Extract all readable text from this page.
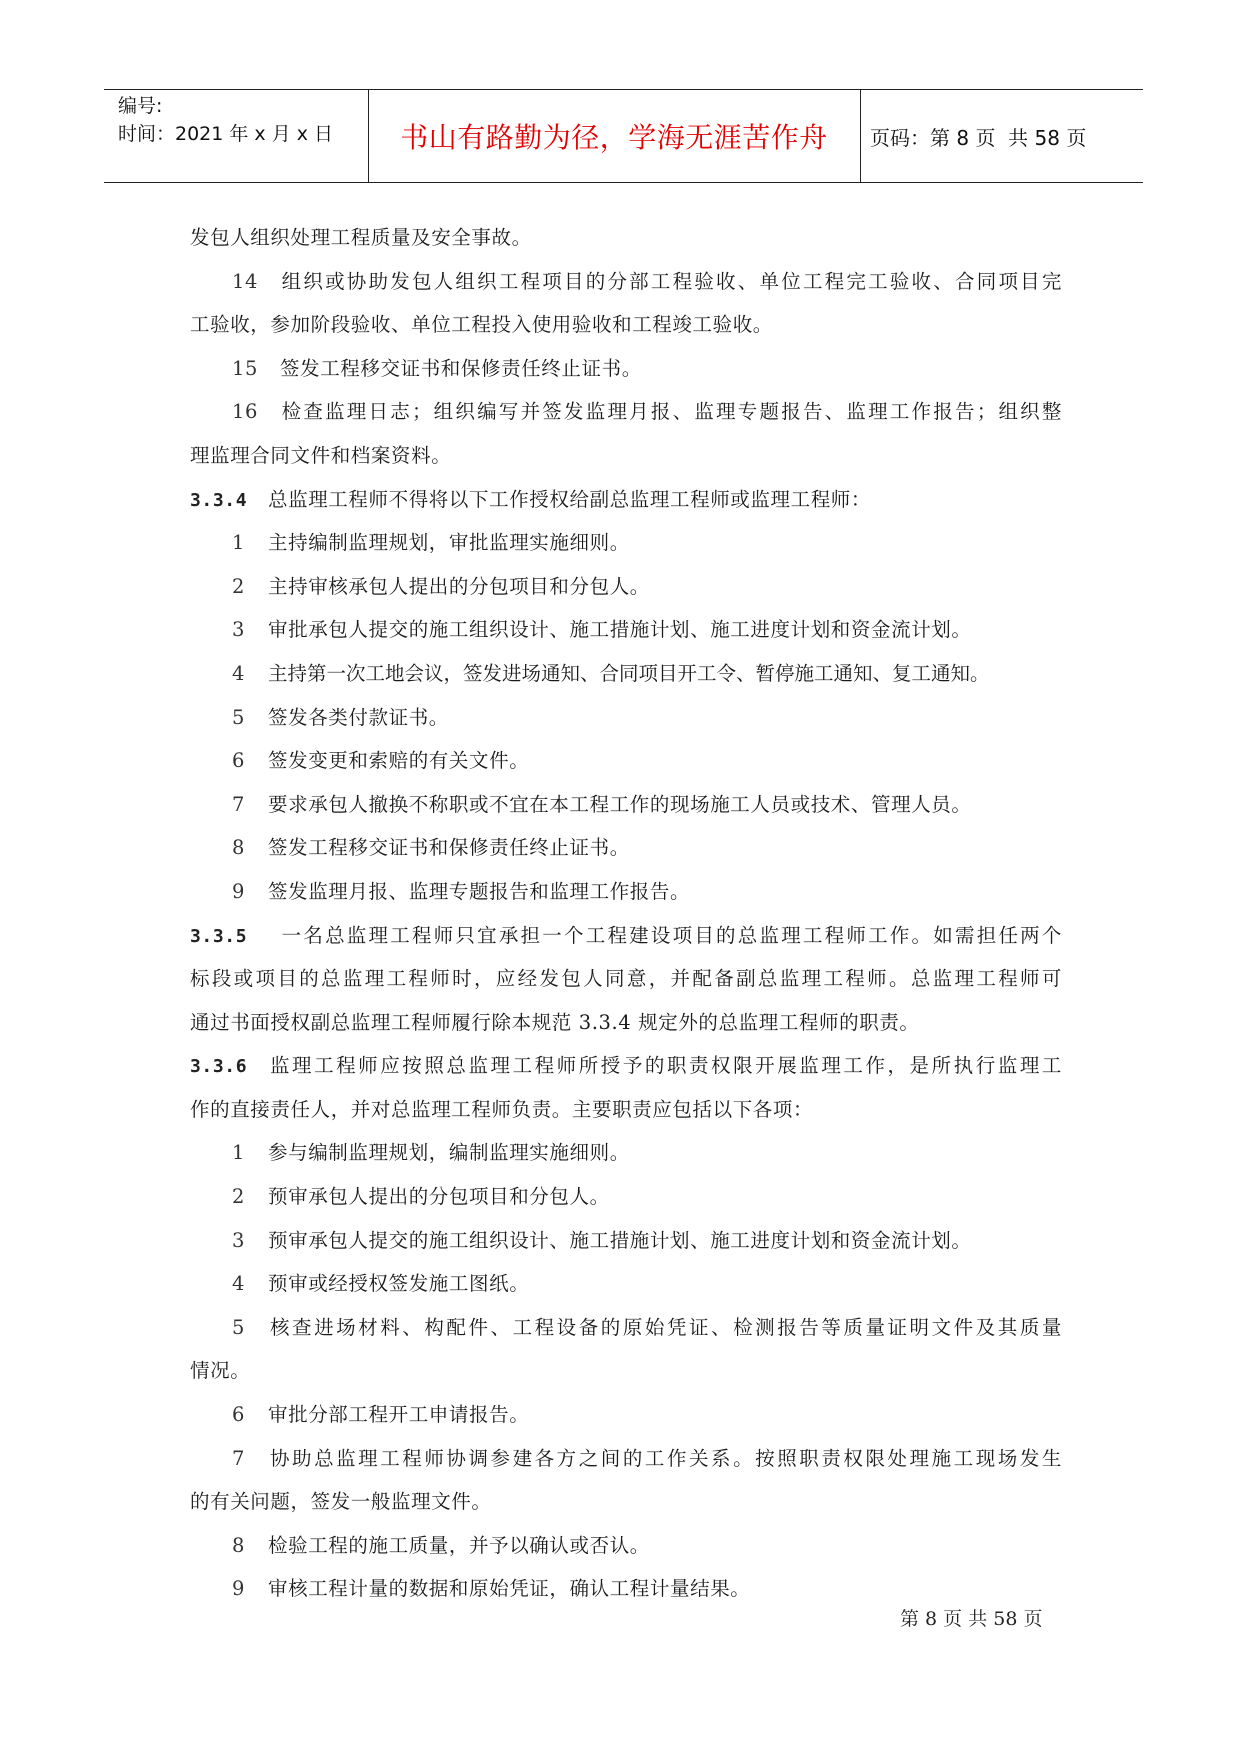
编号:
时间：2021 年 x 月 x 日	书山有路勤为径，学海无涯苦作舟	页码：第 8 页  共 58 页
发包人组织处理工程质量及安全事故。
14 组织或协助发包人组织工程项目的分部工程验收、单位工程完工验收、合同项目完
工验收，参加阶段验收、单位工程投入使用验收和工程竣工验收。
15 签发工程移交证书和保修责任终止证书。
16 检查监理日志；组织编写并签发监理月报、监理专题报告、监理工作报告；组织整
理监理合同文件和档案资料。
3.3.4 总监理工程师不得将以下工作授权给副总监理工程师或监理工程师：
1 主持编制监理规划，审批监理实施细则。
2 主持审核承包人提出的分包项目和分包人。
3 审批承包人提交的施工组织设计、施工措施计划、施工进度计划和资金流计划。
4 主持第一次工地会议，签发进场通知、合同项目开工令、暂停施工通知、复工通知。
5 签发各类付款证书。
6 签发变更和索赔的有关文件。
7 要求承包人撤换不称职或不宜在本工程工作的现场施工人员或技术、管理人员。
8 签发工程移交证书和保修责任终止证书。
9 签发监理月报、监理专题报告和监理工作报告。
3.3.5 一名总监理工程师只宜承担一个工程建设项目的总监理工程师工作。如需担任两个
标段或项目的总监理工程师时，应经发包人同意，并配备副总监理工程师。总监理工程师可
通过书面授权副总监理工程师履行除本规范 3.3.4 规定外的总监理工程师的职责。
3.3.6 监理工程师应按照总监理工程师所授予的职责权限开展监理工作，是所执行监理工
作的直接责任人，并对总监理工程师负责。主要职责应包括以下各项：
1 参与编制监理规划，编制监理实施细则。
2 预审承包人提出的分包项目和分包人。
3 预审承包人提交的施工组织设计、施工措施计划、施工进度计划和资金流计划。
4 预审或经授权签发施工图纸。
5 核查进场材料、构配件、工程设备的原始凭证、检测报告等质量证明文件及其质量
情况。
6 审批分部工程开工申请报告。
7 协助总监理工程师协调参建各方之间的工作关系。按照职责权限处理施工现场发生
的有关问题，签发一般监理文件。
8 检验工程的施工质量，并予以确认或否认。
9 审核工程计量的数据和原始凭证，确认工程计量结果。
第 8 页 共 58 页
